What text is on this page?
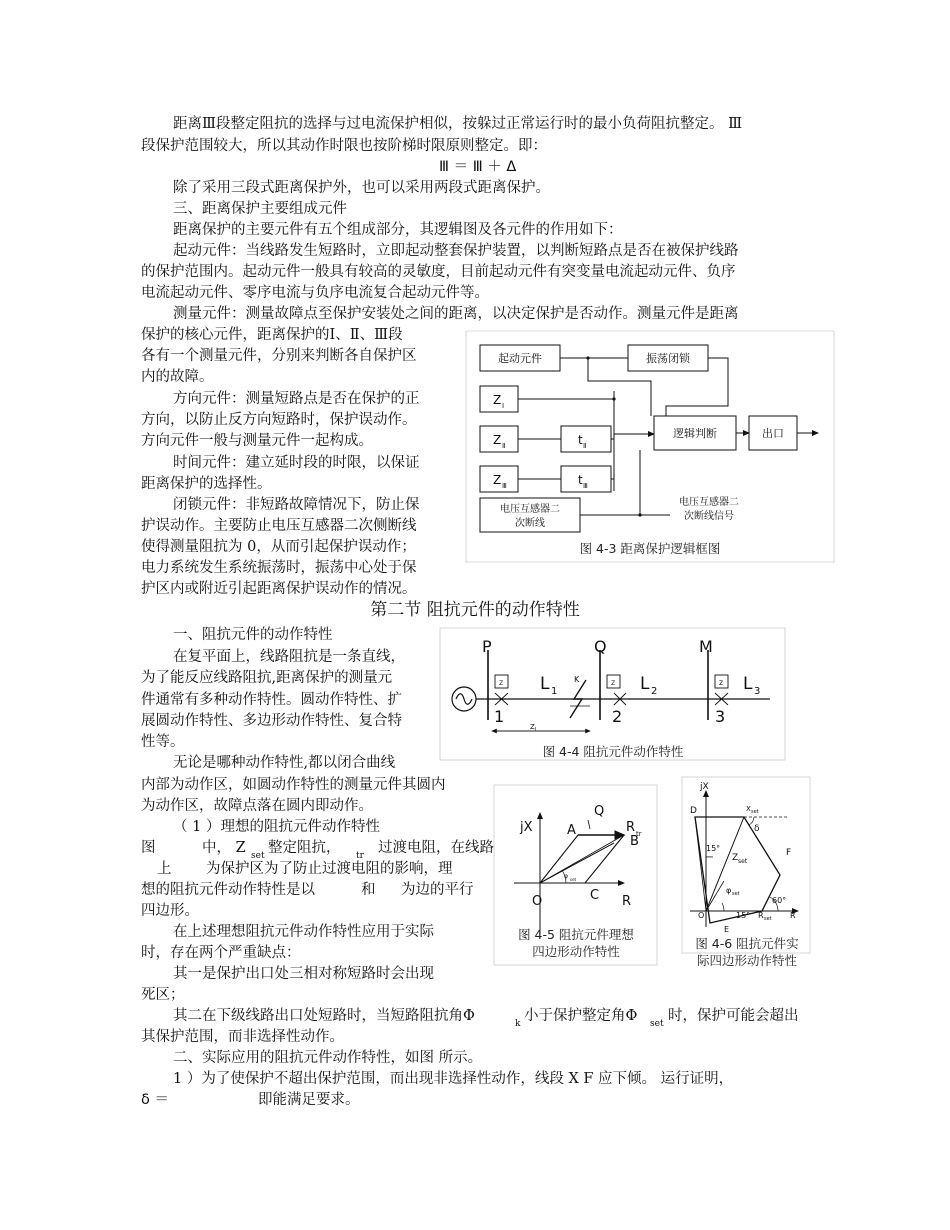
距离Ⅲ段整定阻抗的选择与过电流保护相似，按躲过正常运行时的最小负荷阻抗整定。 Ⅲ
段保护范围较大，所以其动作时限也按阶梯时限原则整定。即：
Ⅲ ＝ Ⅲ ＋ Δ
除了采用三段式距离保护外，也可以采用两段式距离保护。
三、距离保护主要组成元件
距离保护的主要元件有五个组成部分，其逻辑图及各元件的作用如下：
起动元件：当线路发生短路时，立即起动整套保护装置，以判断短路点是否在被保护线路
的保护范围内。起动元件一般具有较高的灵敏度，目前起动元件有突变量电流起动元件、负序
电流起动元件、零序电流与负序电流复合起动元件等。
测量元件：测量故障点至保护安装处之间的距离，以决定保护是否动作。测量元件是距离
保护的核心元件，距离保护的Ⅰ、Ⅱ、Ⅲ段
各有一个测量元件，分别来判断各自保护区
内的故障。
方向元件：测量短路点是否在保护的正
方向，以防止反方向短路时，保护误动作。
方向元件一般与测量元件一起构成。
时间元件：建立延时段的时限，以保证
距离保护的选择性。
闭锁元件：非短路故障情况下，防止保
护误动作。主要防止电压互感器二次侧断线
使得测量阻抗为 0，从而引起保护误动作；
电力系统发生系统振荡时，振荡中心处于保
护区内或附近引起距离保护误动作的情况。
第二节 阻抗元件的动作特性
一、阻抗元件的动作特性
在复平面上，线路阻抗是一条直线，
为了能反应线路阻抗,距离保护的测量元
件通常有多种动作特性。圆动作特性、扩
展圆动作特性、多边形动作特性、复合特
性等。
无论是哪种动作特性,都以闭合曲线
内部为动作区，如圆动作特性的测量元件其圆内
为动作区，故障点落在圆内即动作。
（ 1 ）理想的阻抗元件动作特性
图	中， Z set 整定阻抗， tr 过渡电阻，在线路
上 为保护区为了防止过渡电阻的影响，理
想的阻抗元件动作特性是以	和 为边的平行
四边形。
在上述理想阻抗元件动作特性应用于实际
时，存在两个严重缺点：
其一是保护出口处三相对称短路时会出现
死区；
其二在下级线路出口处短路时，当短路阻抗角Φ	k 小于保护整定角Φ set 时，保护可能会超出
其保护范围，而非选择性动作。
二、实际应用的阻抗元件动作特性，如图 所示。
1 ）为了使保护不超出保护范围，而出现非选择性动作，线段 X F 应下倾。 运行证明，
δ ＝	即能满足要求。
起动元件	振荡闭锁
Z Ⅰ
Z Ⅱ
Z Ⅲ
t Ⅱ
t Ⅲ
逻辑判断	出口
电压互感器二
次断线
电压互感器二
次断线信号
图 4-3 距离保护逻辑框图
P	Q	M
L 1	L 2	L 3
K
1	2	3
Z	Z	Z
Z L
图 4-4 阻抗元件动作特性
jX
Q
A	R tr
B
O	C R
φ set
图 4-5 阻抗元件理想
四边形动作特性
jX
D	X set
δ
15°
Z set
F
φ set
60°
O	15° R set R
E
图 4-6 阻抗元件实
际四边形动作特性
